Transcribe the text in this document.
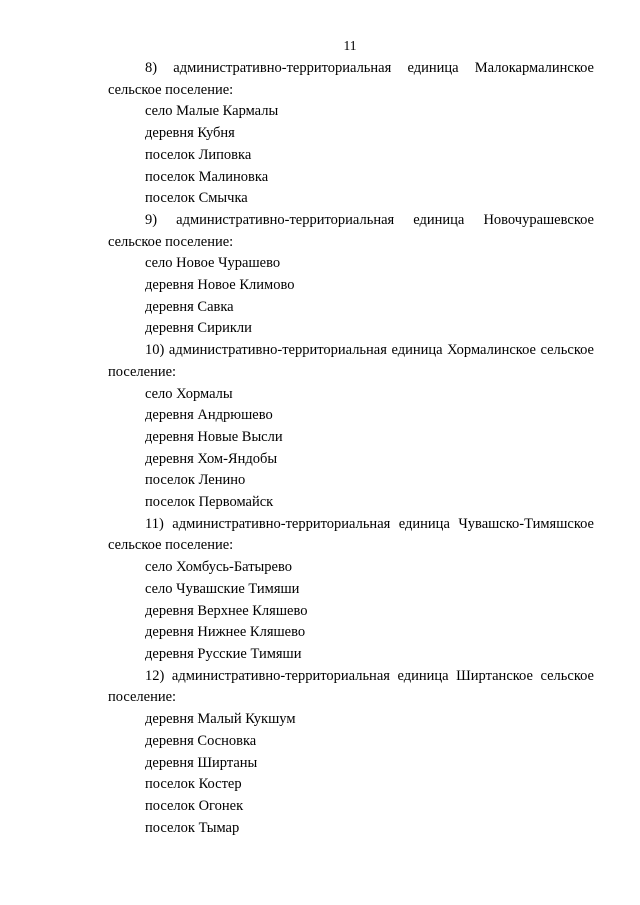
11

8) административно-территориальная единица Малокармалинское сельское поселение:

село Малые Кармалы

деревня Кубня

поселок Липовка

поселок Малиновка

поселок Смычка

9) административно-территориальная единица Новочурашевское сельское поселение:

село Новое Чурашево

деревня Новое Климово

деревня Савка

деревня Сирикли

10) административно-территориальная единица Хормалинское сельское поселение:

село Хормалы

деревня Андрюшево

деревня Новые Высли

деревня Хом-Яндобы

поселок Ленино

поселок Первомайск

11) административно-территориальная единица Чувашско-Тимяшское сельское поселение:

село Хомбусь-Батырево

село Чувашские Тимяши

деревня Верхнее Кляшево

деревня Нижнее Кляшево

деревня Русские Тимяши

12) административно-территориальная единица Ширтанское сельское поселение:

деревня Малый Кукшум

деревня Сосновка

деревня Ширтаны

поселок Костер

поселок Огонек

поселок Тымар
